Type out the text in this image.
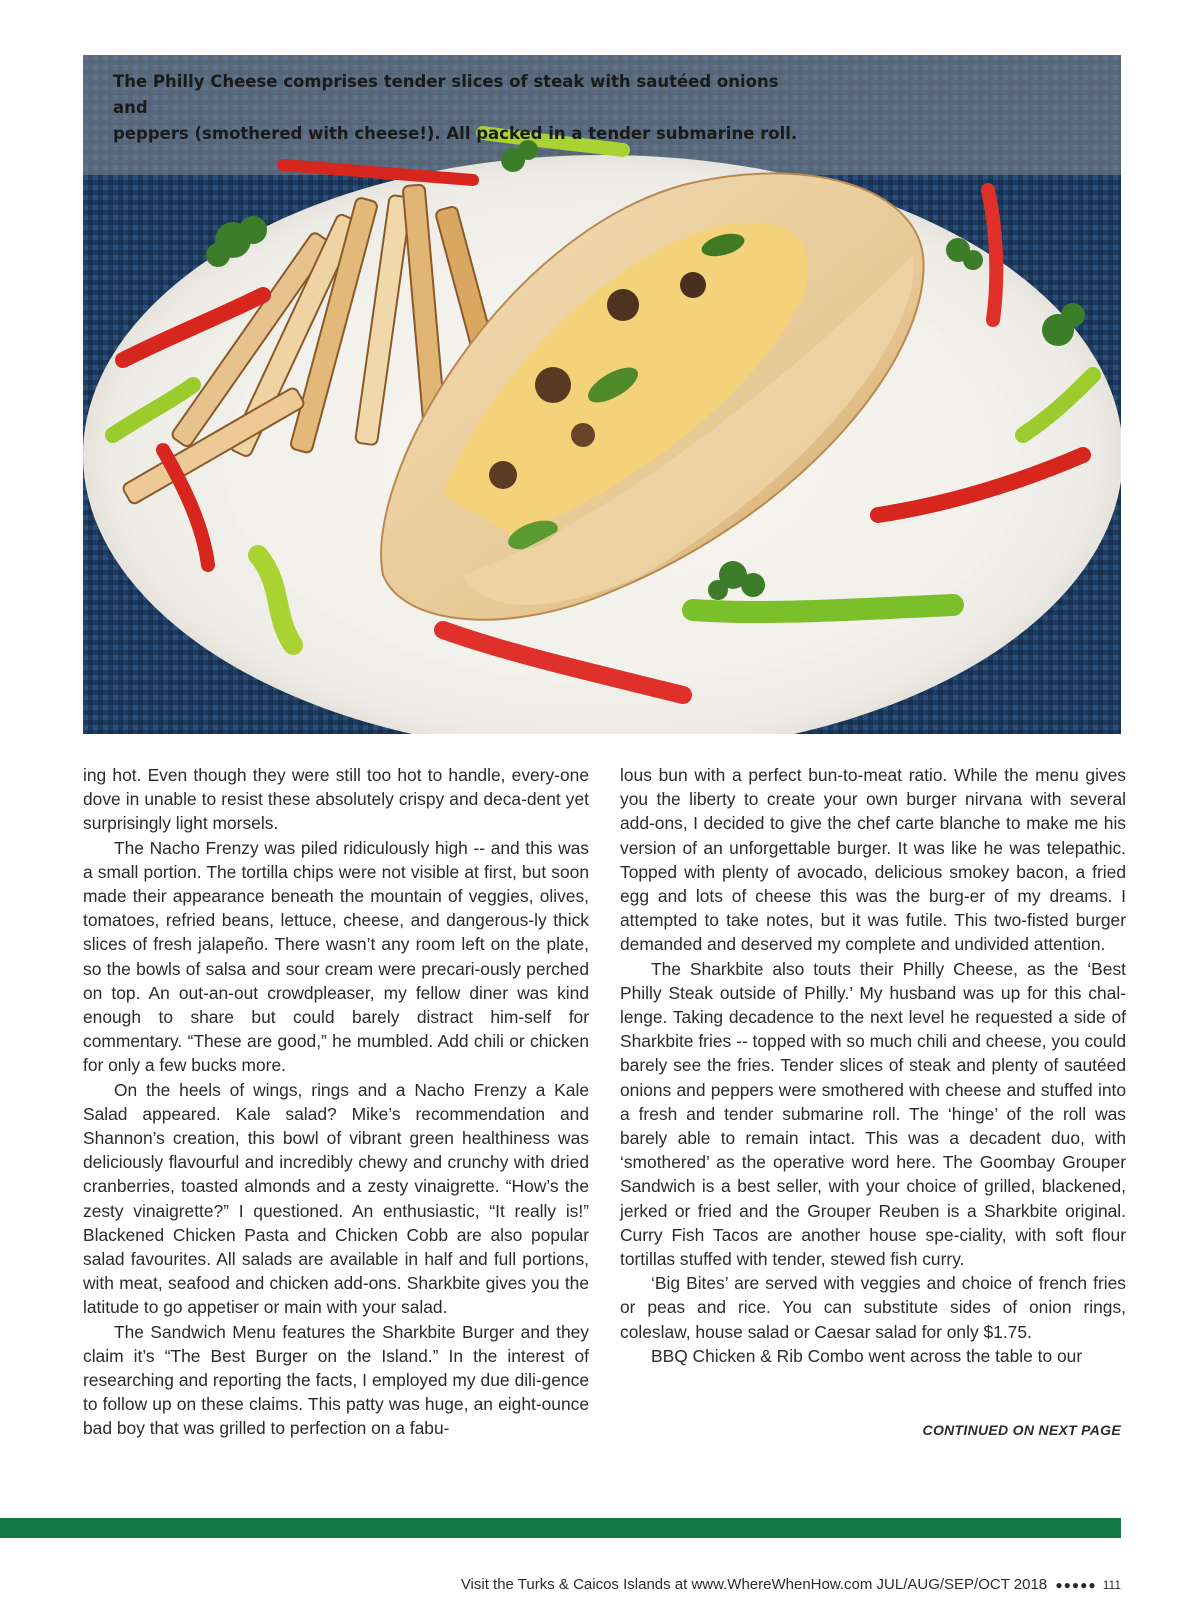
The Philly Cheese comprises tender slices of steak with sautéed onions and
peppers (smothered with cheese!). All packed in a tender submarine roll.

ing hot. Even though they were still too hot to handle, every-one dove in unable to resist these absolutely crispy and deca-dent yet surprisingly light morsels.

The Nacho Frenzy was piled ridiculously high -- and this was a small portion. The tortilla chips were not visible at first, but soon made their appearance beneath the mountain of veggies, olives, tomatoes, refried beans, lettuce, cheese, and dangerous-ly thick slices of fresh jalapeño. There wasn’t any room left on the plate, so the bowls of salsa and sour cream were precari-ously perched on top. An out-an-out crowdpleaser, my fellow diner was kind enough to share but could barely distract him-self for commentary. “These are good,” he mumbled. Add chili or chicken for only a few bucks more.

On the heels of wings, rings and a Nacho Frenzy a Kale Salad appeared. Kale salad? Mike’s recommendation and Shannon’s creation, this bowl of vibrant green healthiness was deliciously flavourful and incredibly chewy and crunchy with dried cranberries, toasted almonds and a zesty vinaigrette. “How’s the zesty vinaigrette?” I questioned. An enthusiastic, “It really is!” Blackened Chicken Pasta and Chicken Cobb are also popular salad favourites. All salads are available in half and full portions, with meat, seafood and chicken add-ons. Sharkbite gives you the latitude to go appetiser or main with your salad.

The Sandwich Menu features the Sharkbite Burger and they claim it’s “The Best Burger on the Island.” In the interest of researching and reporting the facts, I employed my due dili-gence to follow up on these claims. This patty was huge, an eight-ounce bad boy that was grilled to perfection on a fabu-

lous bun with a perfect bun-to-meat ratio. While the menu gives you the liberty to create your own burger nirvana with several add-ons, I decided to give the chef carte blanche to make me his version of an unforgettable burger. It was like he was telepathic. Topped with plenty of avocado, delicious smokey bacon, a fried egg and lots of cheese this was the burg-er of my dreams. I attempted to take notes, but it was futile. This two-fisted burger demanded and deserved my complete and undivided attention.

The Sharkbite also touts their Philly Cheese, as the ‘Best Philly Steak outside of Philly.’ My husband was up for this chal-lenge. Taking decadence to the next level he requested a side of Sharkbite fries -- topped with so much chili and cheese, you could barely see the fries. Tender slices of steak and plenty of sautéed onions and peppers were smothered with cheese and stuffed into a fresh and tender submarine roll. The ‘hinge’ of the roll was barely able to remain intact. This was a decadent duo, with ‘smothered’ as the operative word here. The Goombay Grouper Sandwich is a best seller, with your choice of grilled, blackened, jerked or fried and the Grouper Reuben is a Sharkbite original. Curry Fish Tacos are another house spe-ciality, with soft flour tortillas stuffed with tender, stewed fish curry.

‘Big Bites’ are served with veggies and choice of french fries or peas and rice. You can substitute sides of onion rings, coleslaw, house salad or Caesar salad for only $1.75.

BBQ Chicken & Rib Combo went across the table to our

CONTINUED ON NEXT PAGE
Visit the Turks & Caicos Islands at www.WhereWhenHow.com JUL/AUG/SEP/OCT 2018 ●●●●● 111
